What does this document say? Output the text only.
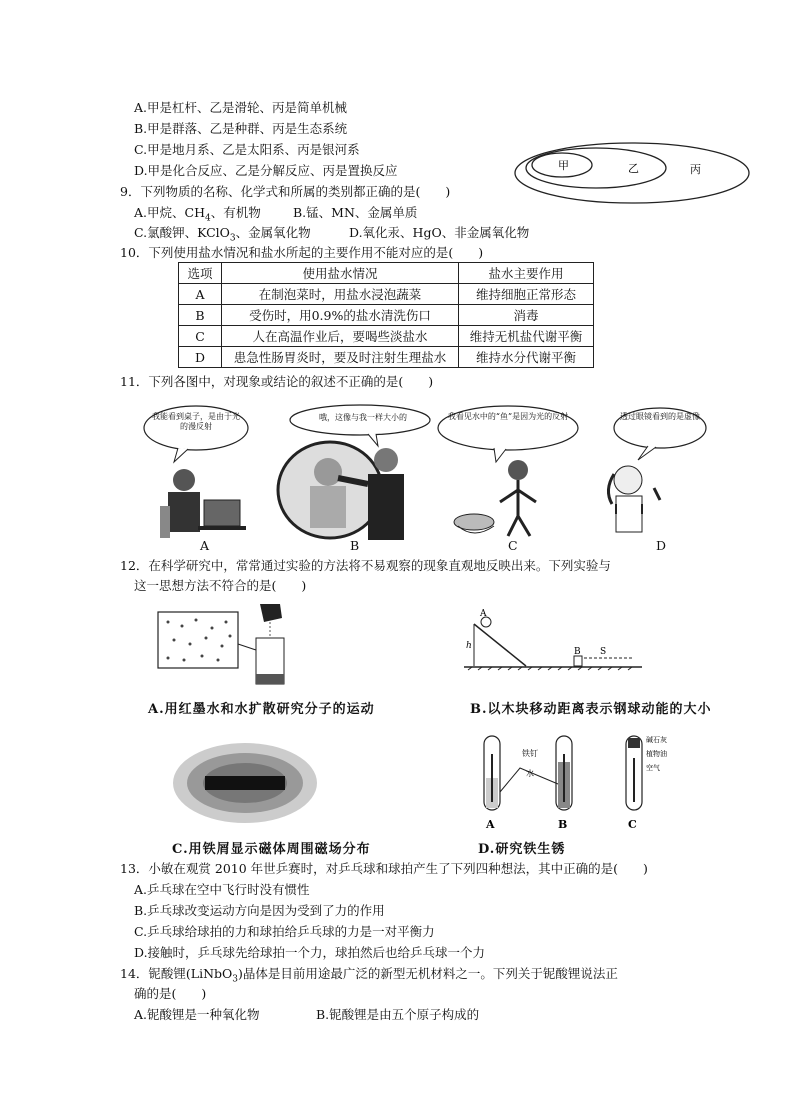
A.甲是杠杆、乙是滑轮、丙是简单机械
B.甲是群落、乙是种群、丙是生态系统
C.甲是地月系、乙是太阳系、丙是银河系
D.甲是化合反应、乙是分解反应、丙是置换反应	甲	乙	丙
9．下列物质的名称、化学式和所属的类别都正确的是(　　)
A.甲烷、$CH_4$、有机物	B.锰、MN、金属单质
C.氯酸钾、KClO$_3$、金属氧化物	D.氧化汞、HgO、非金属氧化物
10．下列使用盐水情况和盐水所起的主要作用不能对应的是(　　)
选项	使用盐水情况	盐水主要作用
A	在制泡菜时，用盐水浸泡蔬菜	维持细胞正常形态
B	受伤时，用0.9%的盐水清洗伤口	消毒
C	人在高温作业后，要喝些淡盐水	维持无机盐代谢平衡
D	患急性肠胃炎时，要及时注射生理盐水	维持水分代谢平衡
11．下列各图中，对现象或结论的叙述不正确的是(　　)
我能看到桌子，是由于光的漫反射
A
哦，这像与我一样大小的
B
我看见水中的“鱼”是因为光的反射
C
透过眼镜看到的是虚像
D
12．在科学研究中，常常通过实验的方法将不易观察的现象直观地反映出来。下列实验与
这一思想方法不符合的是(　　)
A.用红墨水和水扩散研究分子的运动
A
h
B S
B.以木块移动距离表示钢球动能的大小
C.用铁屑显示磁体周围磁场分布
铁钉
水
碱石灰
植物油
空气
A	B	C
D.研究铁生锈
13．小敏在观赏 2010 年世乒赛时，对乒乓球和球拍产生了下列四种想法，其中正确的是(　　)
A.乒乓球在空中飞行时没有惯性
B.乒乓球改变运动方向是因为受到了力的作用
C.乒乓球给球拍的力和球拍给乒乓球的力是一对平衡力
D.接触时，乒乓球先给球拍一个力，球拍然后也给乒乓球一个力
14．铌酸锂(LiNbO$_3$)晶体是目前用途最广泛的新型无机材料之一。下列关于铌酸锂说法正
确的是(　　)
A.铌酸锂是一种氧化物	B.铌酸锂是由五个原子构成的
